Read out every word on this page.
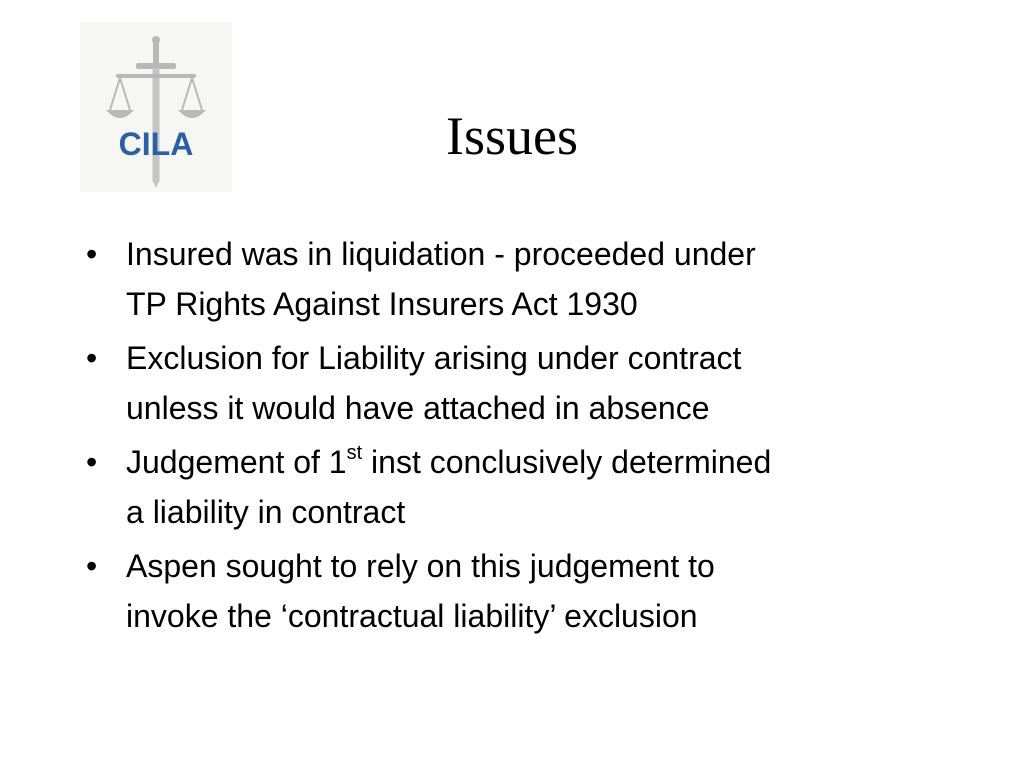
CILA	Issues
• Insured was in liquidation - proceeded under
TP Rights Against Insurers Act 1930
• Exclusion for Liability arising under contract
unless it would have attached in absence
• Judgement of 1st inst conclusively determined
a liability in contract
• Aspen sought to rely on this judgement to
invoke the ‘contractual liability’ exclusion
